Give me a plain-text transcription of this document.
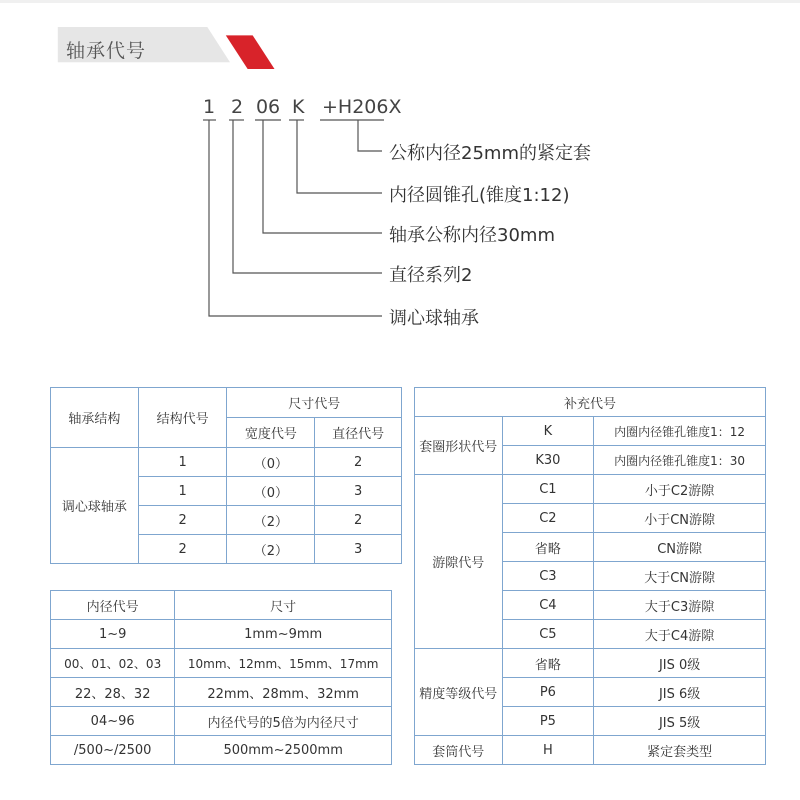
轴承代号
1 2 0 6 K +H206X
公称内径25mm的紧定套
内径圆锥孔(锥度1:12)
轴承公称内径30mm
直径系列2
调心球轴承
轴承结构	结构代号	尺寸代号	
		宽度代号	直径代号
调心球轴承	1	（0）	2
	1	（0）	3
	2	（2）	2
	2	（2）	3
内径代号	尺寸
1~9	1mm~9mm
00、01、02、03	10mm、12mm、15mm、17mm
22、28、32	22mm、28mm、32mm
04~96	内径代号的5倍为内径尺寸
/500~/2500	500mm~2500mm
补充代号		
套圈形状代号	K	内圈内径锥孔锥度1：12
	K30	内圈内径锥孔锥度1：30
游隙代号	C1	小于C2游隙
	C2	小于CN游隙
	省略	CN游隙
	C3	大于CN游隙
	C4	大于C3游隙
	C5	大于C4游隙
精度等级代号	省略	JIS 0级
	P6	JIS 6级
	P5	JIS 5级
套筒代号	H	紧定套类型
